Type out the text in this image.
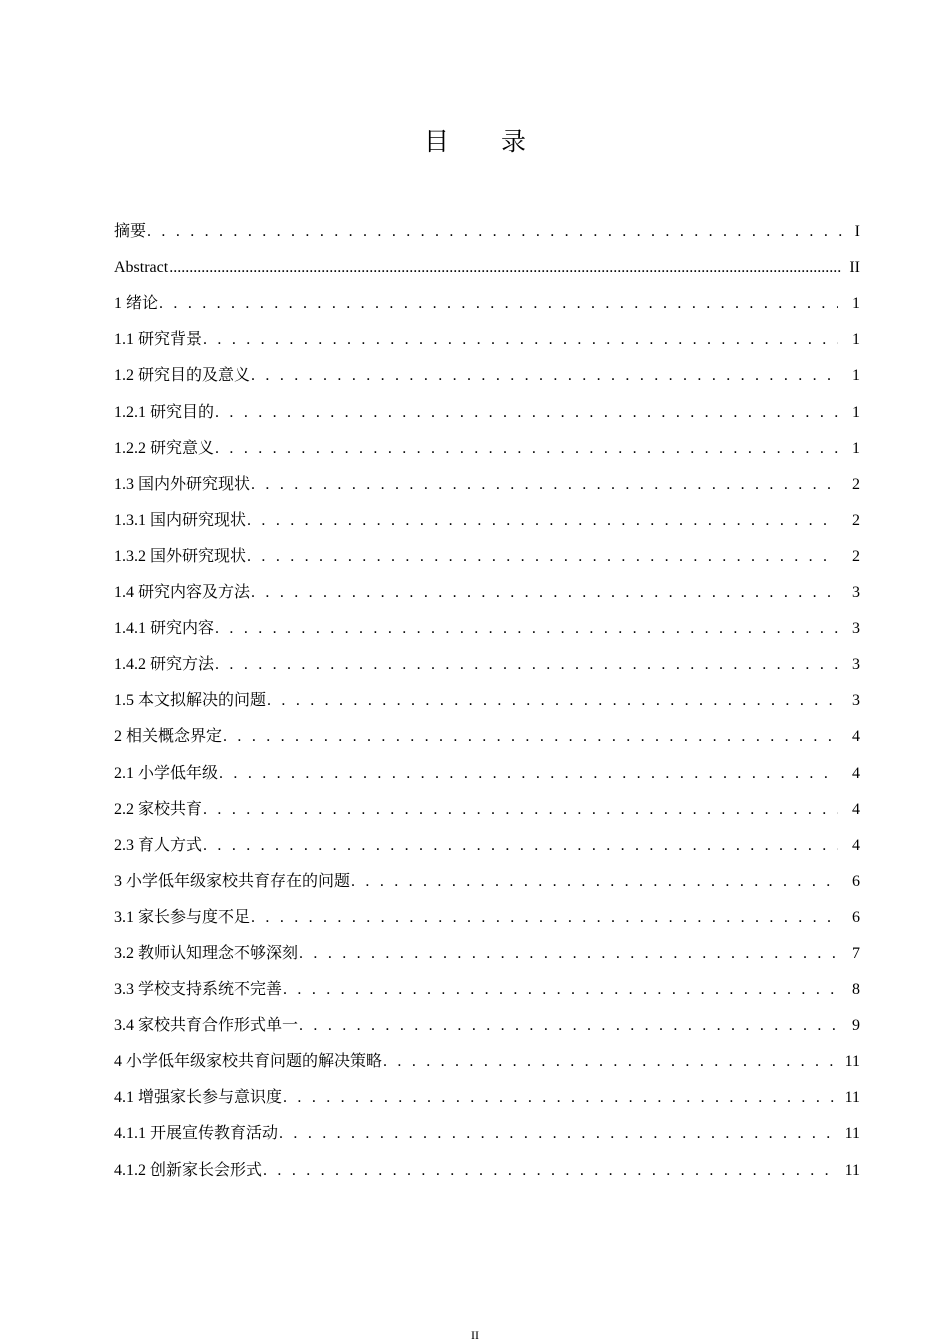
目 录
摘要 . . .	I
Abstract .....	II
1 绪论 . . .	1
1.1 研究背景 . . .	1
1.2 研究目的及意义 . . .	1
1.2.1 研究目的 . . .	1
1.2.2 研究意义 . . .	1
1.3 国内外研究现状 . . .	2
1.3.1 国内研究现状 . . .	2
1.3.2 国外研究现状 . . .	2
1.4 研究内容及方法 . . .	3
1.4.1 研究内容 . . .	3
1.4.2 研究方法 . . .	3
1.5 本文拟解决的问题 . . .	3
2 相关概念界定 . . .	4
2.1 小学低年级 . . .	4
2.2 家校共育 . . .	4
2.3 育人方式 . . .	4
3 小学低年级家校共育存在的问题 . . .	6
3.1 家长参与度不足 . . .	6
3.2 教师认知理念不够深刻 . . .	7
3.3 学校支持系统不完善 . . .	8
3.4 家校共育合作形式单一 . . .	9
4 小学低年级家校共育问题的解决策略 . . .	11
4.1 增强家长参与意识度 . . .	11
4.1.1 开展宣传教育活动 . . .	11
4.1.2 创新家长会形式 . . .	11
II
